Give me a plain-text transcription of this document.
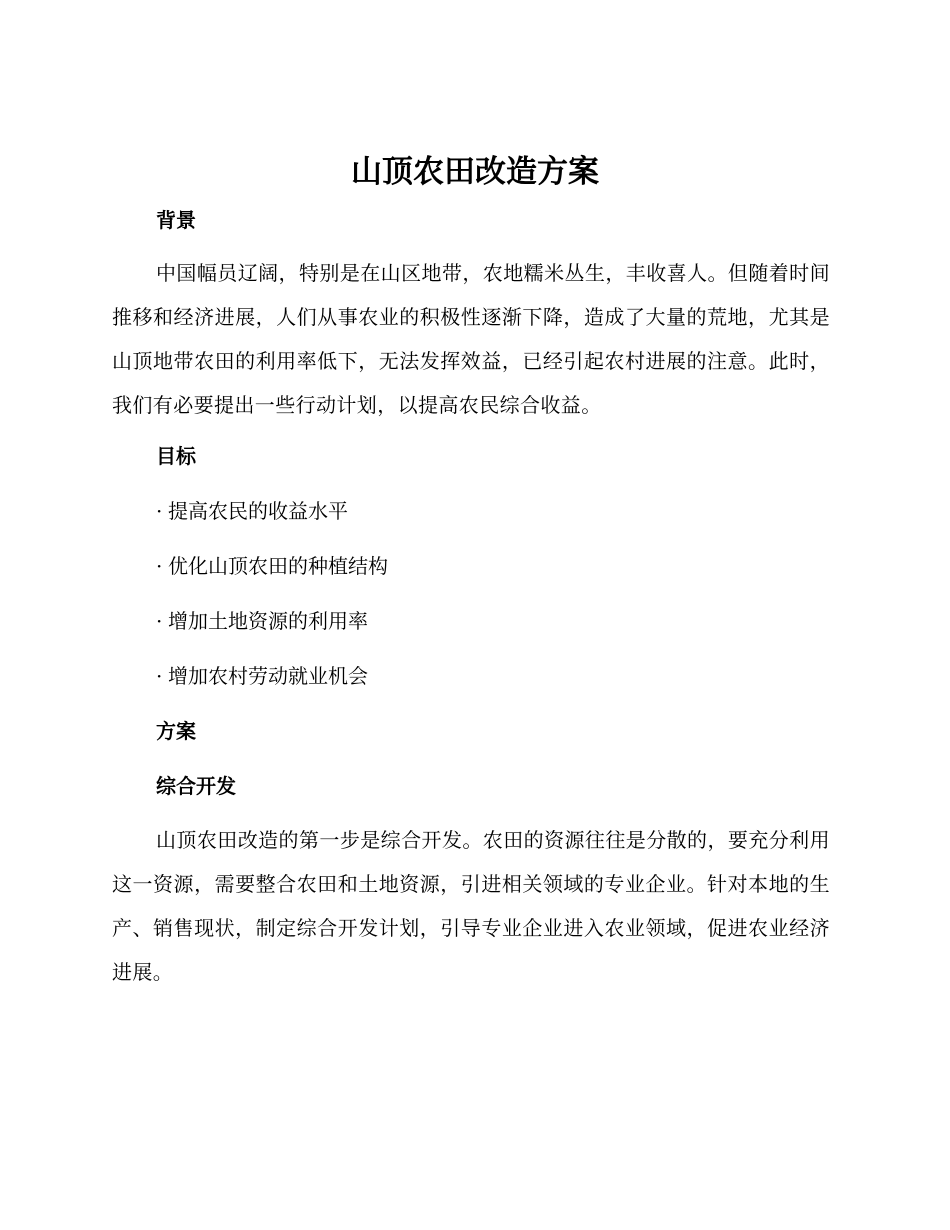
山顶农田改造方案
背景

中国幅员辽阔，特别是在山区地带，农地糯米丛生，丰收喜人。但随着时间推移和经济进展，人们从事农业的积极性逐渐下降，造成了大量的荒地，尤其是山顶地带农田的利用率低下，无法发挥效益，已经引起农村进展的注意。此时，我们有必要提出一些行动计划，以提高农民综合收益。

目标

· 提高农民的收益水平

· 优化山顶农田的种植结构

· 增加土地资源的利用率

· 增加农村劳动就业机会

方案
综合开发

山顶农田改造的第一步是综合开发。农田的资源往往是分散的，要充分利用这一资源，需要整合农田和土地资源，引进相关领域的专业企业。针对本地的生产、销售现状，制定综合开发计划，引导专业企业进入农业领域，促进农业经济进展。
